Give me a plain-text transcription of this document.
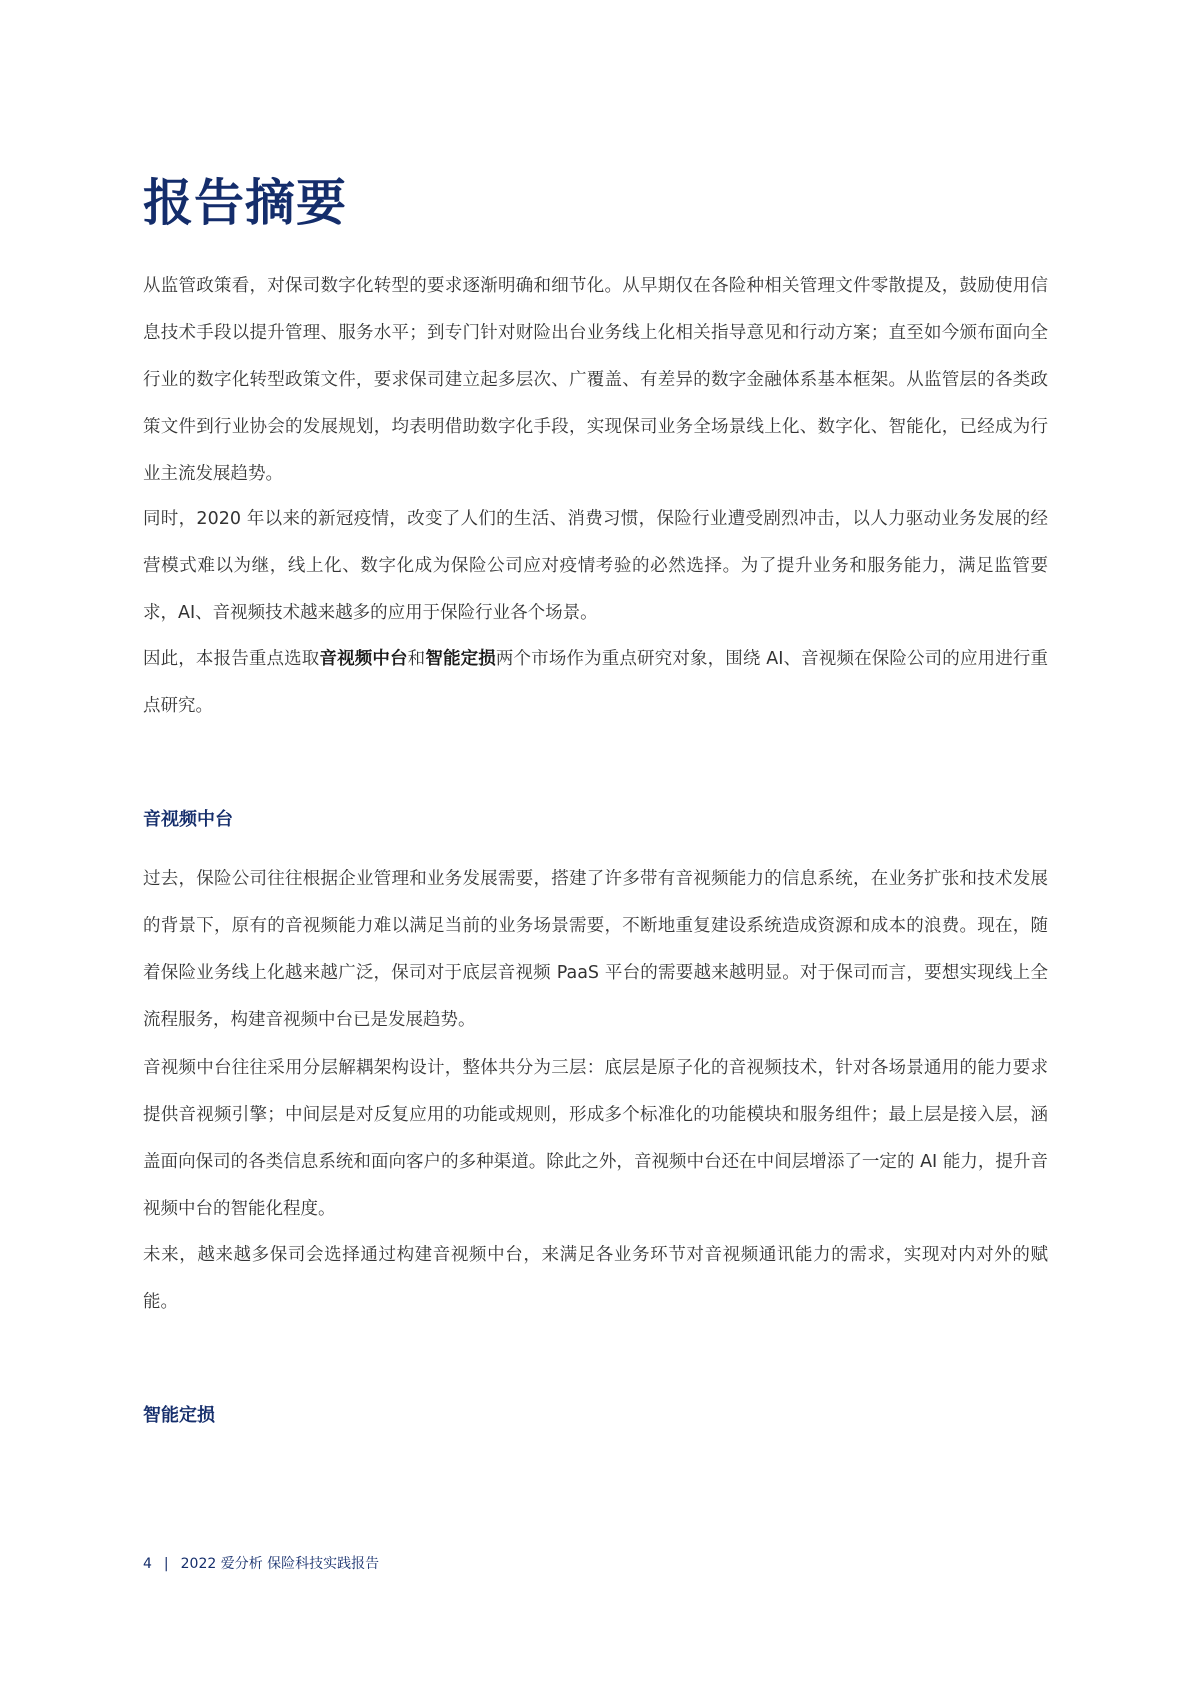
报告摘要

从监管政策看，对保司数字化转型的要求逐渐明确和细节化。从早期仅在各险种相关管理文件零散提及，鼓励使用信息技术手段以提升管理、服务水平；到专门针对财险出台业务线上化相关指导意见和行动方案；直至如今颁布面向全行业的数字化转型政策文件，要求保司建立起多层次、广覆盖、有差异的数字金融体系基本框架。从监管层的各类政策文件到行业协会的发展规划，均表明借助数字化手段，实现保司业务全场景线上化、数字化、智能化，已经成为行业主流发展趋势。

同时，2020 年以来的新冠疫情，改变了人们的生活、消费习惯，保险行业遭受剧烈冲击，以人力驱动业务发展的经营模式难以为继，线上化、数字化成为保险公司应对疫情考验的必然选择。为了提升业务和服务能力，满足监管要求，AI、音视频技术越来越多的应用于保险行业各个场景。

因此，本报告重点选取音视频中台和智能定损两个市场作为重点研究对象，围绕 AI、音视频在保险公司的应用进行重点研究。

音视频中台

过去，保险公司往往根据企业管理和业务发展需要，搭建了许多带有音视频能力的信息系统，在业务扩张和技术发展的背景下，原有的音视频能力难以满足当前的业务场景需要，不断地重复建设系统造成资源和成本的浪费。现在，随着保险业务线上化越来越广泛，保司对于底层音视频 PaaS 平台的需要越来越明显。对于保司而言，要想实现线上全流程服务，构建音视频中台已是发展趋势。

音视频中台往往采用分层解耦架构设计，整体共分为三层：底层是原子化的音视频技术，针对各场景通用的能力要求提供音视频引擎；中间层是对反复应用的功能或规则，形成多个标准化的功能模块和服务组件；最上层是接入层，涵盖面向保司的各类信息系统和面向客户的多种渠道。除此之外，音视频中台还在中间层增添了一定的 AI 能力，提升音视频中台的智能化程度。

未来，越来越多保司会选择通过构建音视频中台，来满足各业务环节对音视频通讯能力的需求，实现对内对外的赋能。

智能定损
4 | 2022 爱分析 保险科技实践报告
